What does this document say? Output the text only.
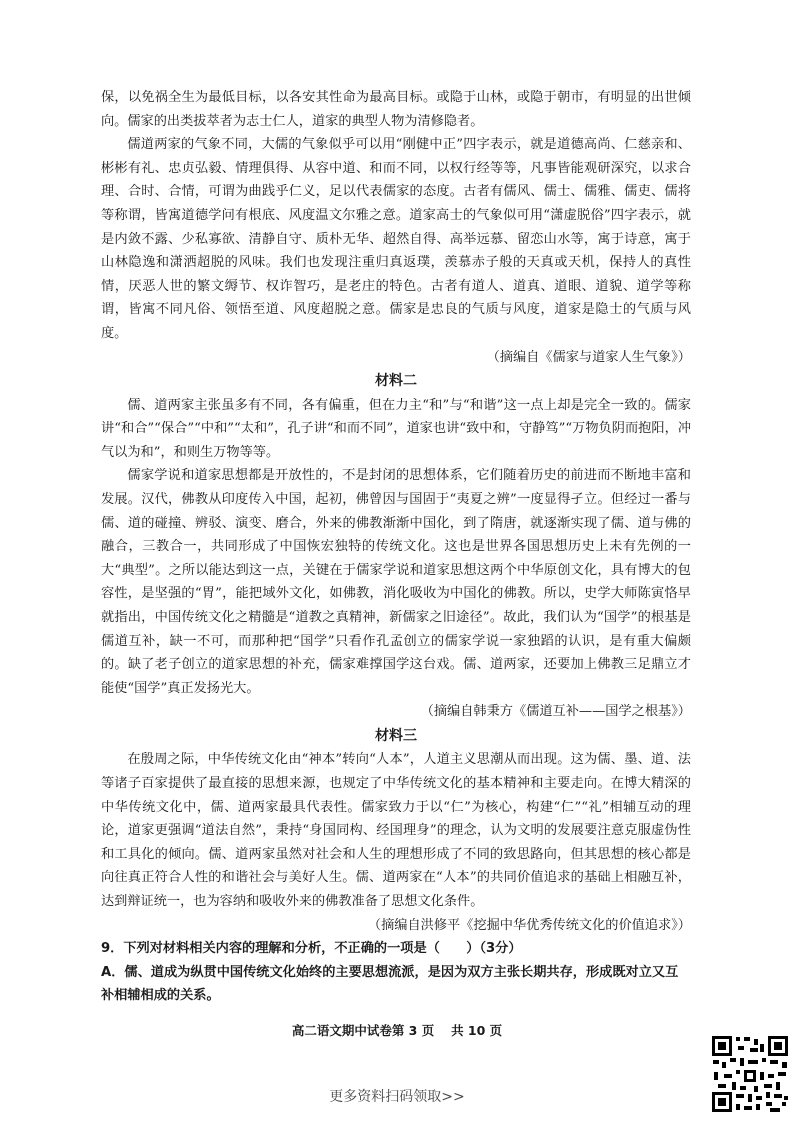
保，以免祸全生为最低目标，以各安其性命为最高目标。或隐于山林，或隐于朝市，有明显的出世倾向。儒家的出类拔萃者为志士仁人，道家的典型人物为清修隐者。

儒道两家的气象不同，大儒的气象似乎可以用“刚健中正”四字表示，就是道德高尚、仁慈亲和、彬彬有礼、忠贞弘毅、情理俱得、从容中道、和而不同，以权行经等等，凡事皆能观研深究，以求合理、合时、合情，可谓为曲践乎仁义，足以代表儒家的态度。古者有儒风、儒士、儒雅、儒吏、儒将等称谓，皆寓道德学问有根底、风度温文尔雅之意。道家高士的气象似可用“潇虚脱俗”四字表示，就是内敛不露、少私寡欲、清静自守、质朴无华、超然自得、高举远慕、留恋山水等，寓于诗意，寓于山林隐逸和潇洒超脱的风味。我们也发现注重归真返璞，羡慕赤子般的天真或天机，保持人的真性情，厌恶人世的繁文缛节、权诈智巧，是老庄的特色。古者有道人、道真、道眼、道貌、道学等称谓，皆寓不同凡俗、领悟至道、风度超脱之意。儒家是忠良的气质与风度，道家是隐士的气质与风度。

（摘编自《儒家与道家人生气象》）
材料二

儒、道两家主张虽多有不同，各有偏重，但在力主“和”与“和谐”这一点上却是完全一致的。儒家讲“和合”“保合”“中和”“太和”，孔子讲“和而不同”，道家也讲“致中和，守静笃”“万物负阴而抱阳，冲气以为和”，和则生万物等等。

儒家学说和道家思想都是开放性的，不是封闭的思想体系，它们随着历史的前进而不断地丰富和发展。汉代，佛教从印度传入中国，起初，佛曾因与国固于“夷夏之辨”一度显得孑立。但经过一番与儒、道的碰撞、辨驳、演变、磨合，外来的佛教渐渐中国化，到了隋唐，就逐渐实现了儒、道与佛的融合，三教合一，共同形成了中国恢宏独特的传统文化。这也是世界各国思想历史上未有先例的一大“典型”。之所以能达到这一点，关键在于儒家学说和道家思想这两个中华原创文化，具有博大的包容性，是坚强的“胃”，能把域外文化，如佛教，消化吸收为中国化的佛教。所以，史学大师陈寅恪早就指出，中国传统文化之精髓是“道教之真精神，新儒家之旧途径”。故此，我们认为“国学”的根基是儒道互补，缺一不可，而那种把“国学”只看作孔孟创立的儒家学说一家独蹈的认识，是有重大偏颇的。缺了老子创立的道家思想的补充，儒家难撑国学这台戏。儒、道两家，还要加上佛教三足鼎立才能使“国学”真正发扬光大。

（摘编自韩秉方《儒道互补——国学之根基》）
材料三

在殷周之际，中华传统文化由“神本”转向“人本”，人道主义思潮从而出现。这为儒、墨、道、法等诸子百家提供了最直接的思想来源，也规定了中华传统文化的基本精神和主要走向。在博大精深的中华传统文化中，儒、道两家最具代表性。儒家致力于以“仁”为核心，构建“仁”“礼”相辅互动的理论，道家更强调“道法自然”，秉持“身国同构、经国理身”的理念，认为文明的发展要注意克服虚伪性和工具化的倾向。儒、道两家虽然对社会和人生的理想形成了不同的致思路向，但其思想的核心都是向往真正符合人性的和谐社会与美好人生。儒、道两家在“人本”的共同价值追求的基础上相融互补，达到辩证统一，也为容纳和吸收外来的佛教准备了思想文化条件。

（摘编自洪修平《挖掘中华优秀传统文化的价值追求》）
9．下列对材料相关内容的理解和分析，不正确的一项是（　　）（3分）
A．儒、道成为纵贯中国传统文化始终的主要思想流派，是因为双方主张长期共存，形成既对立又互补相辅相成的关系。
高二语文期中试卷第 3 页　 共 10 页
更多资料扫码领取>>
